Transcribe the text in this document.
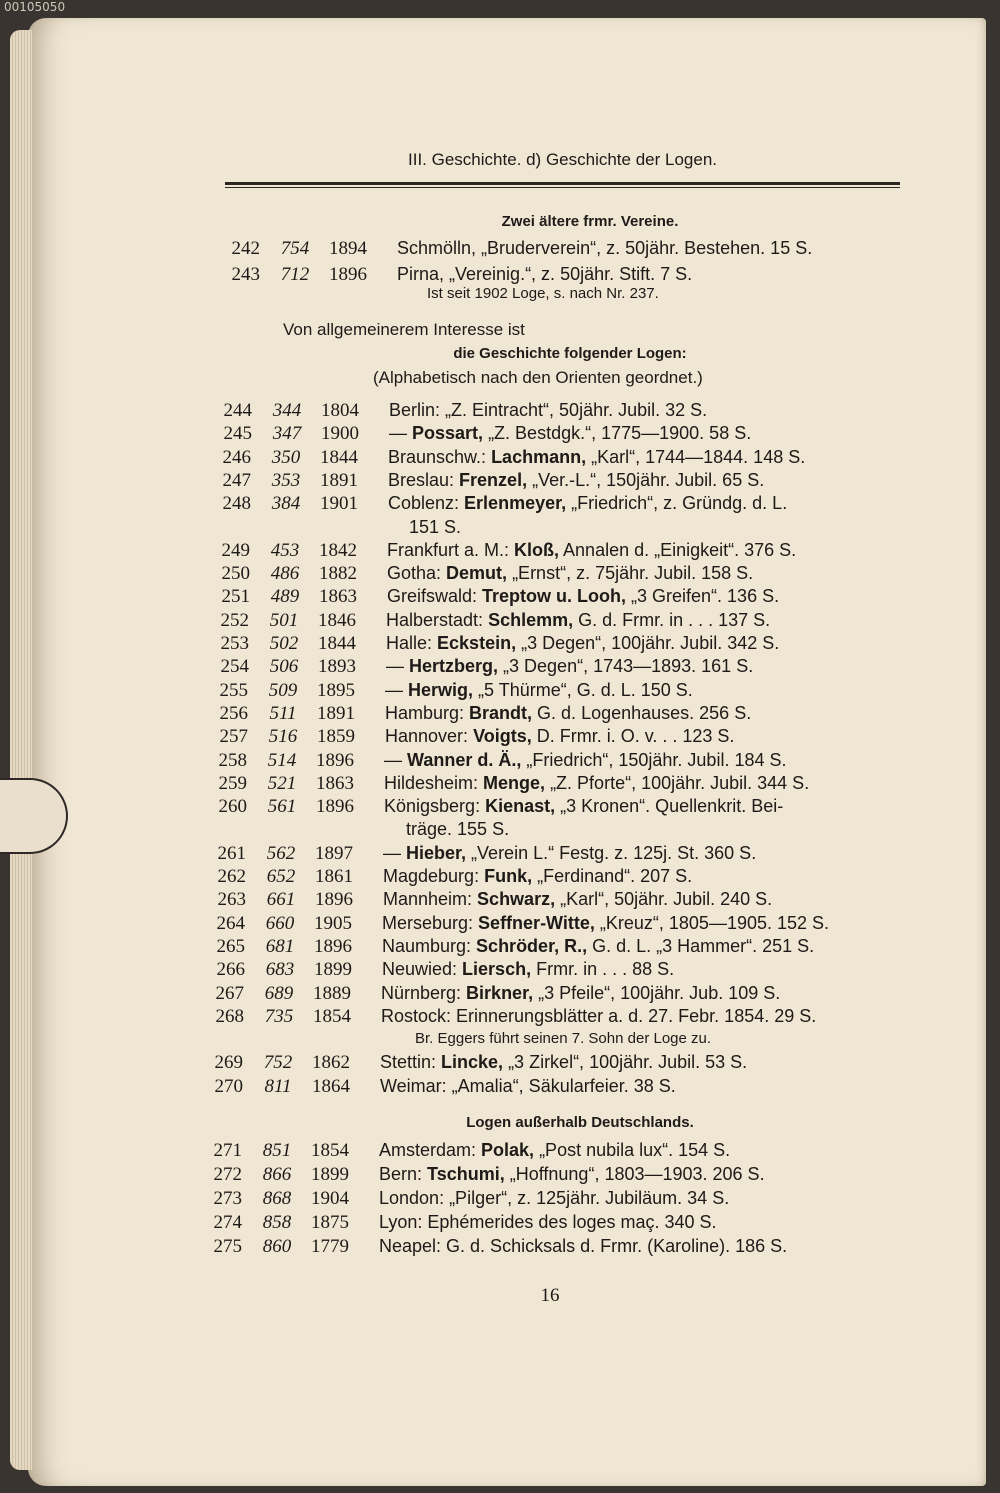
00105050
III. Geschichte. d) Geschichte der Logen.
Zwei ältere frmr. Vereine.
242	754	1894	Schmölln, „Bruderverein“, z. 50jähr. Bestehen. 15 S.
243	712	1896	Pirna, „Vereinig.“, z. 50jähr. Stift. 7 S.
Ist seit 1902 Loge, s. nach Nr. 237.
Von allgemeinerem Interesse ist
die Geschichte folgender Logen:
(Alphabetisch nach den Orienten geordnet.)
244	344	1804	Berlin: „Z. Eintracht“, 50jähr. Jubil. 32 S.
245	347	1900	— Possart, „Z. Bestdgk.“, 1775—1900. 58 S.
246	350	1844	Braunschw.: Lachmann, „Karl“, 1744—1844. 148 S.
247	353	1891	Breslau: Frenzel, „Ver.-L.“, 150jähr. Jubil. 65 S.
248	384	1901	Coblenz: Erlenmeyer, „Friedrich“, z. Gründg. d. L.
151 S.
249	453	1842	Frankfurt a. M.: Kloß, Annalen d. „Einigkeit“. 376 S.
250	486	1882	Gotha: Demut, „Ernst“, z. 75jähr. Jubil. 158 S.
251	489	1863	Greifswald: Treptow u. Looh, „3 Greifen“. 136 S.
252	501	1846	Halberstadt: Schlemm, G. d. Frmr. in . . . 137 S.
253	502	1844	Halle: Eckstein, „3 Degen“, 100jähr. Jubil. 342 S.
254	506	1893	— Hertzberg, „3 Degen“, 1743—1893. 161 S.
255	509	1895	— Herwig, „5 Thürme“, G. d. L. 150 S.
256	511	1891	Hamburg: Brandt, G. d. Logenhauses. 256 S.
257	516	1859	Hannover: Voigts, D. Frmr. i. O. v. . . 123 S.
258	514	1896	— Wanner d. Ä., „Friedrich“, 150jähr. Jubil. 184 S.
259	521	1863	Hildesheim: Menge, „Z. Pforte“, 100jähr. Jubil. 344 S.
260	561	1896	Königsberg: Kienast, „3 Kronen“. Quellenkrit. Bei-
träge. 155 S.
261	562	1897	— Hieber, „Verein L.“ Festg. z. 125j. St. 360 S.
262	652	1861	Magdeburg: Funk, „Ferdinand“. 207 S.
263	661	1896	Mannheim: Schwarz, „Karl“, 50jähr. Jubil. 240 S.
264	660	1905	Merseburg: Seffner-Witte, „Kreuz“, 1805—1905. 152 S.
265	681	1896	Naumburg: Schröder, R., G. d. L. „3 Hammer“. 251 S.
266	683	1899	Neuwied: Liersch, Frmr. in . . . 88 S.
267	689	1889	Nürnberg: Birkner, „3 Pfeile“, 100jähr. Jub. 109 S.
268	735	1854	Rostock: Erinnerungsblätter a. d. 27. Febr. 1854. 29 S.
Br. Eggers führt seinen 7. Sohn der Loge zu.
269	752	1862	Stettin: Lincke, „3 Zirkel“, 100jähr. Jubil. 53 S.
270	811	1864	Weimar: „Amalia“, Säkularfeier. 38 S.
Logen außerhalb Deutschlands.
271	851	1854	Amsterdam: Polak, „Post nubila lux“. 154 S.
272	866	1899	Bern: Tschumi, „Hoffnung“, 1803—1903. 206 S.
273	868	1904	London: „Pilger“, z. 125jähr. Jubiläum. 34 S.
274	858	1875	Lyon: Ephémerides des loges maç. 340 S.
275	860	1779	Neapel: G. d. Schicksals d. Frmr. (Karoline). 186 S.
16
